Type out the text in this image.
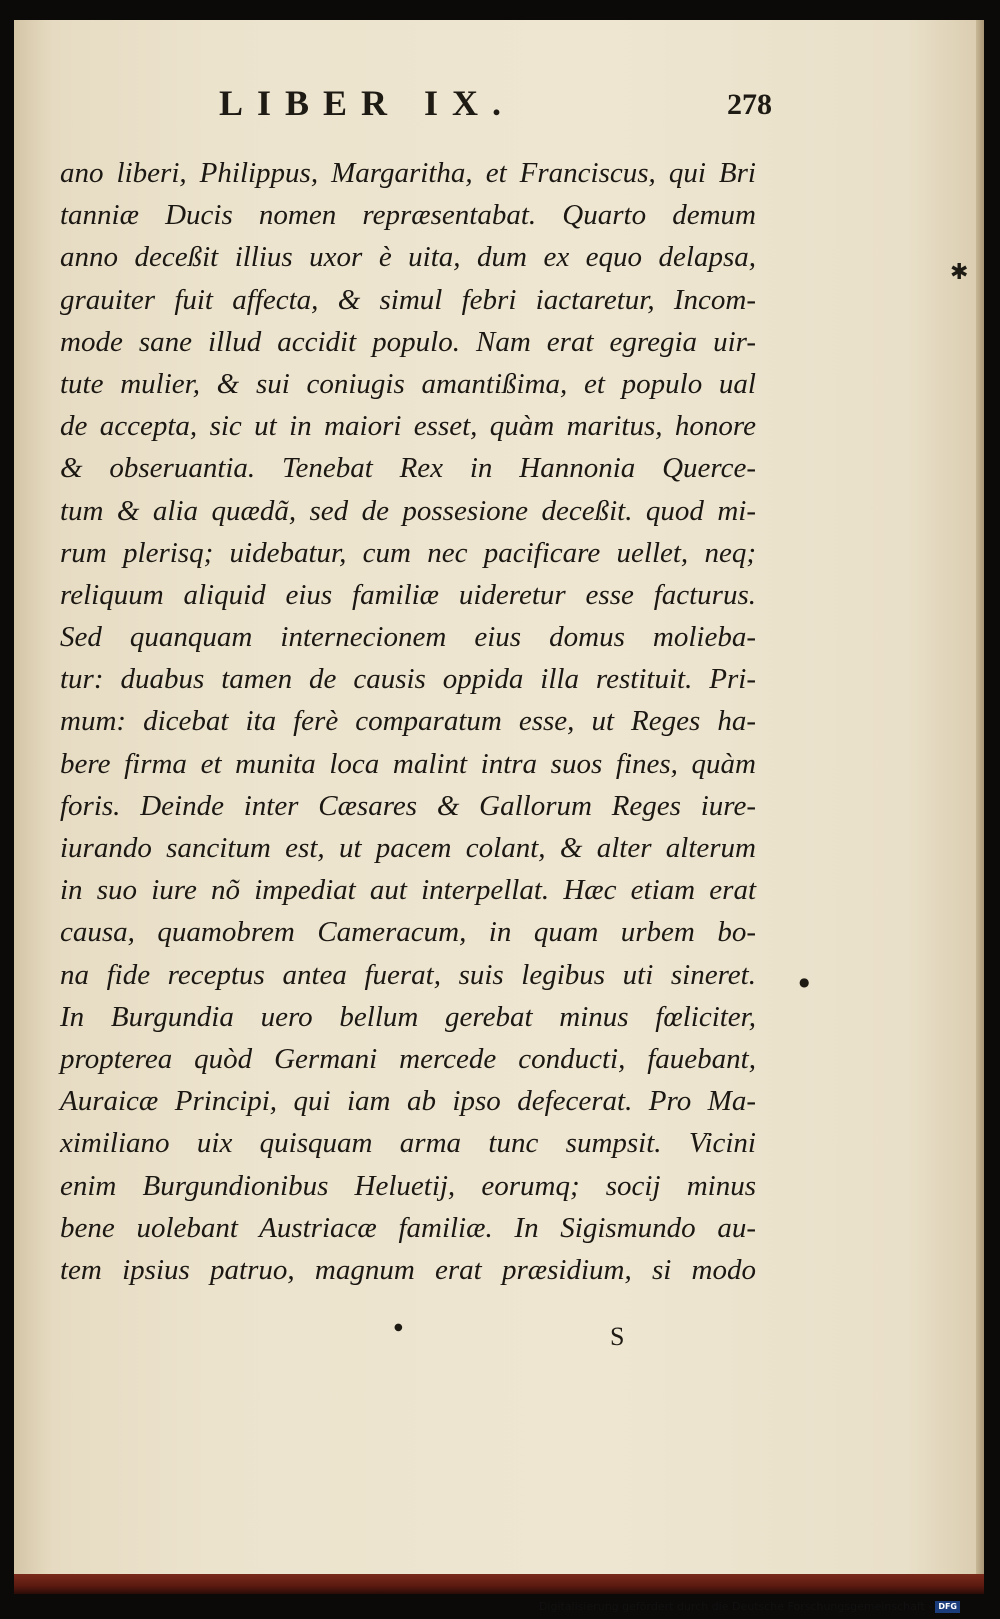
LIBER IX.	278
ano liberi, Philippus, Margaritha, et Franciscus, qui Bri
tanniæ Ducis nomen repræsentabat. Quarto demum
anno deceßit illius uxor è uita, dum ex equo delapsa,
grauiter fuit affecta, & simul febri iactaretur, Incom-
mode sane illud accidit populo. Nam erat egregia uir-
tute mulier, & sui coniugis amantißima, et populo ual
de accepta, sic ut in maiori esset, quàm maritus, honore
& obseruantia. Tenebat Rex in Hannonia Querce-
tum & alia quædã, sed de possesione deceßit. quod mi-
rum plerisq; uidebatur, cum nec pacificare uellet, neq;
reliquum aliquid eius familiæ uideretur esse facturus.
Sed quanquam internecionem eius domus molieba-
tur: duabus tamen de causis oppida illa restituit. Pri-
mum: dicebat ita ferè comparatum esse, ut Reges ha-
bere firma et munita loca malint intra suos fines, quàm
foris. Deinde inter Cæsares & Gallorum Reges iure-
iurando sancitum est, ut pacem colant, & alter alterum
in suo iure nõ impediat aut interpellat. Hæc etiam erat
causa, quamobrem Cameracum, in quam urbem bo-
na fide receptus antea fuerat, suis legibus uti sineret.
In Burgundia uero bellum gerebat minus fœliciter,
propterea quòd Germani mercede conducti, fauebant,
Auraicæ Principi, qui iam ab ipso defecerat. Pro Ma-
ximiliano uix quisquam arma tunc sumpsit. Vicini
enim Burgundionibus Heluetij, eorumq; socij minus
bene uolebant Austriacæ familiæ. In Sigismundo au-
tem ipsius patruo, magnum erat præsidium, si modo
S
✱
●
●
Digitalisierung gefördert durch die Deutsche Forschungsgemeinschaft - DFG
